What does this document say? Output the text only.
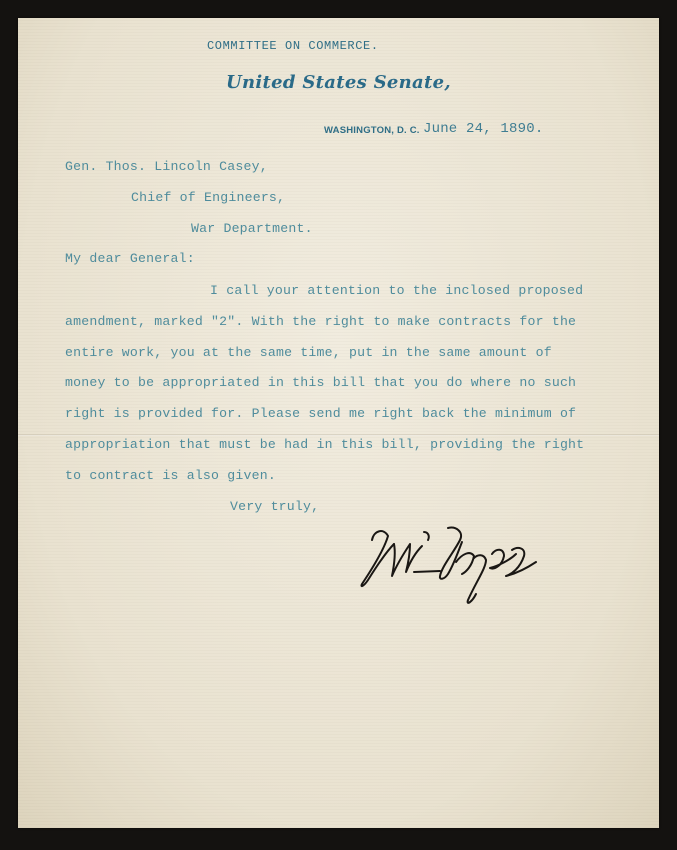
COMMITTEE ON COMMERCE.
United States Senate,
WASHINGTON, D. C. June 24, 1890.
Gen. Thos. Lincoln Casey,
Chief of Engineers,
War Department.
My dear General:
I call your attention to the inclosed proposed
amendment, marked "2". With the right to make contracts for the
entire work, you at the same time, put in the same amount of
money to be appropriated in this bill that you do where no such
right is provided for. Please send me right back the minimum of
appropriation that must be had in this bill, providing the right
to contract is also given.
Very truly,
